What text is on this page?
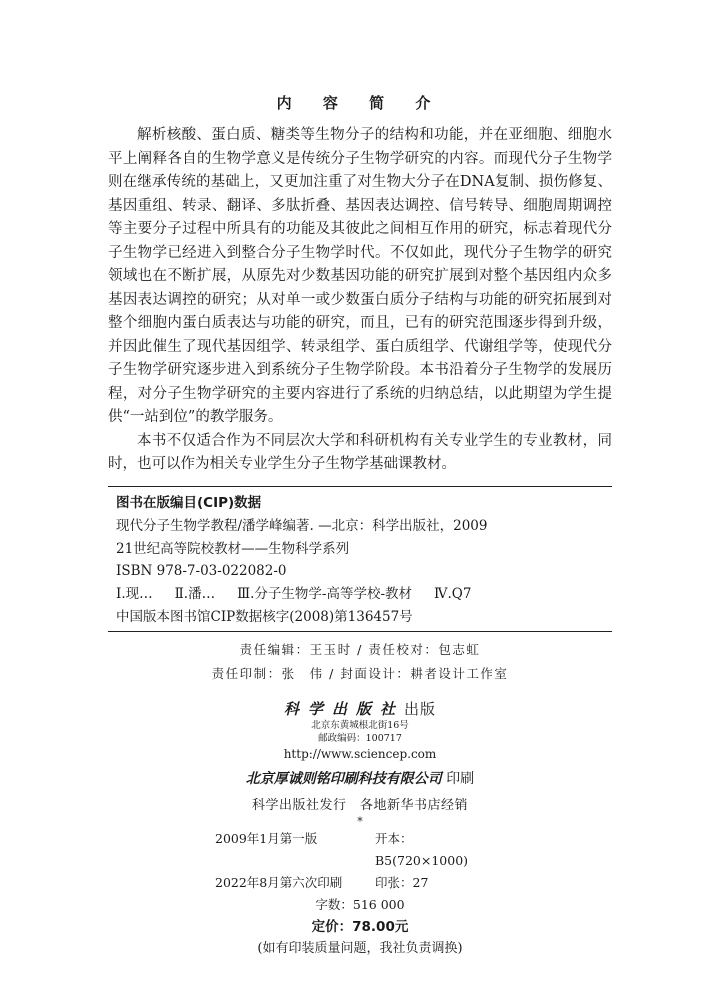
内 容 简 介

解析核酸、蛋白质、糖类等生物分子的结构和功能，并在亚细胞、细胞水平上阐释各自的生物学意义是传统分子生物学研究的内容。而现代分子生物学则在继承传统的基础上，又更加注重了对生物大分子在DNA复制、损伤修复、基因重组、转录、翻译、多肽折叠、基因表达调控、信号转导、细胞周期调控等主要分子过程中所具有的功能及其彼此之间相互作用的研究，标志着现代分子生物学已经进入到整合分子生物学时代。不仅如此，现代分子生物学的研究领域也在不断扩展，从原先对少数基因功能的研究扩展到对整个基因组内众多基因表达调控的研究；从对单一或少数蛋白质分子结构与功能的研究拓展到对整个细胞内蛋白质表达与功能的研究，而且，已有的研究范围逐步得到升级，并因此催生了现代基因组学、转录组学、蛋白质组学、代谢组学等，使现代分子生物学研究逐步进入到系统分子生物学阶段。本书沿着分子生物学的发展历程，对分子生物学研究的主要内容进行了系统的归纳总结，以此期望为学生提供“一站到位”的教学服务。

本书不仅适合作为不同层次大学和科研机构有关专业学生的专业教材，同时，也可以作为相关专业学生分子生物学基础课教材。

图书在版编目(CIP)数据
现代分子生物学教程/潘学峰编著. —北京：科学出版社，2009
21世纪高等院校教材——生物科学系列
ISBN 978-7-03-022082-0
Ⅰ.现… Ⅱ.潘… Ⅲ.分子生物学-高等学校-教材 Ⅳ.Q7
中国版本图书馆CIP数据核字(2008)第136457号
责任编辑：王玉时 / 责任校对：包志虹
责任印制：张　伟 / 封面设计：耕者设计工作室
科学出版社出版
北京东黄城根北街16号
邮政编码：100717
http://www.sciencep.com
北京厚诚则铭印刷科技有限公司 印刷
科学出版社发行　各地新华书店经销
*
2009年1月第一版	开本：B5(720×1000)
2022年8月第六次印刷	印张：27
字数：516 000
定价：78.00元
(如有印装质量问题，我社负责调换)
